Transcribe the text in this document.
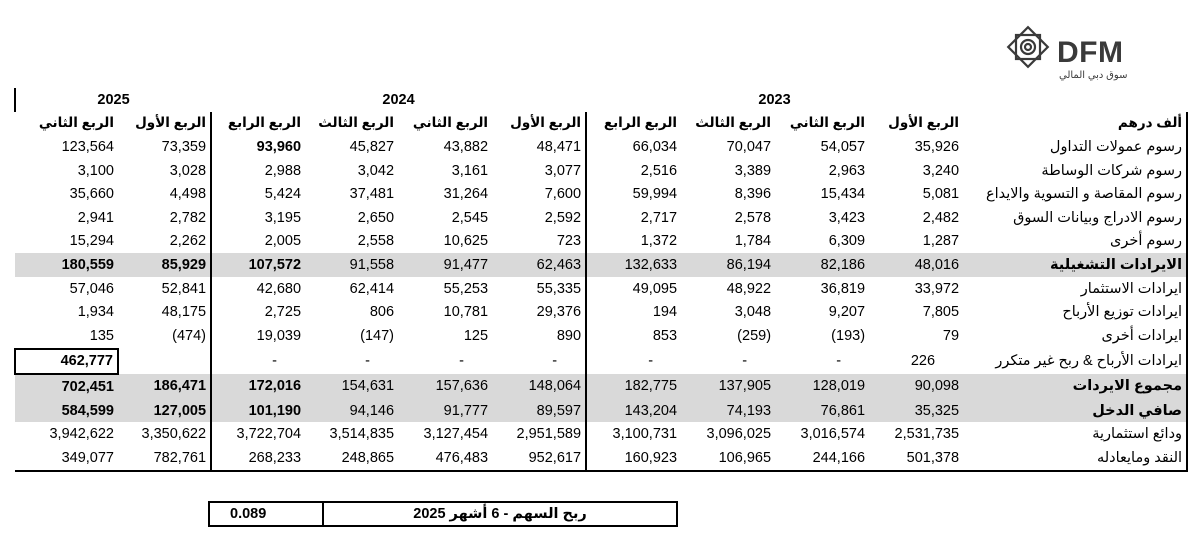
DFM
سوق دبي المالي
2025		2024				2023				
الربع الثاني	الربع الأول	الربع الرابع	الربع الثالث	الربع الثاني	الربع الأول	الربع الرابع	الربع الثالث	الربع الثاني	الربع الأول	ألف درهم
123,564	73,359	93,960	45,827	43,882	48,471	66,034	70,047	54,057	35,926	رسوم عمولات التداول
3,100	3,028	2,988	3,042	3,161	3,077	2,516	3,389	2,963	3,240	رسوم شركات الوساطة
35,660	4,498	5,424	37,481	31,264	7,600	59,994	8,396	15,434	5,081	رسوم المقاصة و التسوية والايداع
2,941	2,782	3,195	2,650	2,545	2,592	2,717	2,578	3,423	2,482	رسوم الادراج وبيانات السوق
15,294	2,262	2,005	2,558	10,625	723	1,372	1,784	6,309	1,287	رسوم أخرى
180,559	85,929	107,572	91,558	91,477	62,463	132,633	86,194	82,186	48,016	الايرادات التشغيلية
57,046	52,841	42,680	62,414	55,253	55,335	49,095	48,922	36,819	33,972	ايرادات الاستثمار
1,934	48,175	2,725	806	10,781	29,376	194	3,048	9,207	7,805	ايرادات توزيع الأرباح
135	(474)	19,039	(147)	125	890	853	(259)	(193)	79	ايرادات أخرى
462,777		-	-	-	-	-	-	-	226	ايرادات الأرباح & ربح غير متكرر
702,451	186,471	172,016	154,631	157,636	148,064	182,775	137,905	128,019	90,098	مجموع الايردات
584,599	127,005	101,190	94,146	91,777	89,597	143,204	74,193	76,861	35,325	صافي الدخل
3,942,622	3,350,622	3,722,704	3,514,835	3,127,454	2,951,589	3,100,731	3,096,025	3,016,574	2,531,735	ودائع استثمارية
349,077	782,761	268,233	248,865	476,483	952,617	160,923	106,965	244,166	501,378	النقد ومايعادله
0.089	ربح السهم - 6 أشهر 2025
